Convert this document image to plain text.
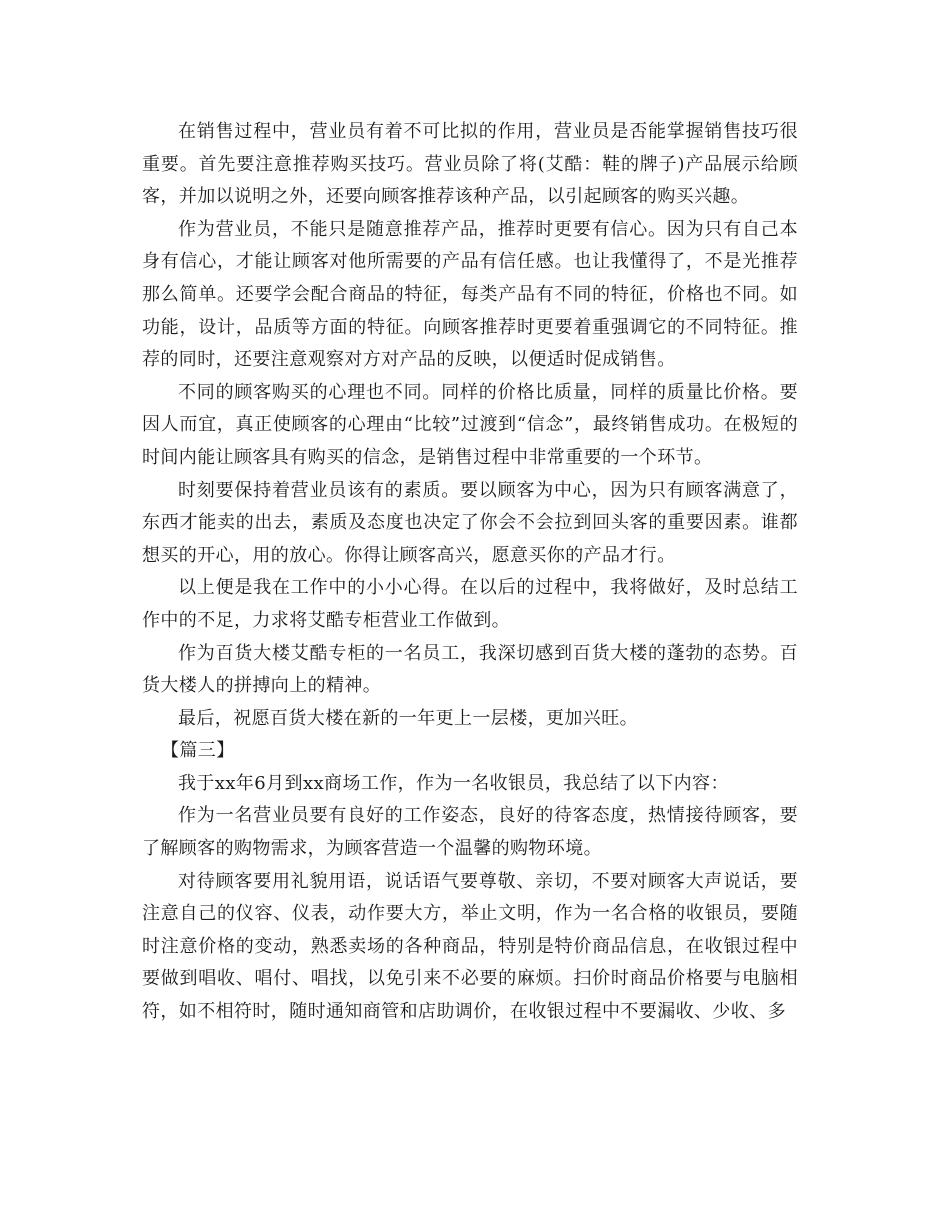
在销售过程中，营业员有着不可比拟的作用，营业员是否能掌握销售技巧很重要。首先要注意推荐购买技巧。营业员除了将(艾酷：鞋的牌子)产品展示给顾客，并加以说明之外，还要向顾客推荐该种产品，以引起顾客的购买兴趣。

作为营业员，不能只是随意推荐产品，推荐时更要有信心。因为只有自己本身有信心，才能让顾客对他所需要的产品有信任感。也让我懂得了，不是光推荐那么简单。还要学会配合商品的特征，每类产品有不同的特征，价格也不同。如功能，设计，品质等方面的特征。向顾客推荐时更要着重强调它的不同特征。推荐的同时，还要注意观察对方对产品的反映，以便适时促成销售。

不同的顾客购买的心理也不同。同样的价格比质量，同样的质量比价格。要因人而宜，真正使顾客的心理由“比较”过渡到“信念”，最终销售成功。在极短的时间内能让顾客具有购买的信念，是销售过程中非常重要的一个环节。

时刻要保持着营业员该有的素质。要以顾客为中心，因为只有顾客满意了，东西才能卖的出去，素质及态度也决定了你会不会拉到回头客的重要因素。谁都想买的开心，用的放心。你得让顾客高兴，愿意买你的产品才行。

以上便是我在工作中的小小心得。在以后的过程中，我将做好，及时总结工作中的不足，力求将艾酷专柜营业工作做到。

作为百货大楼艾酷专柜的一名员工，我深切感到百货大楼的蓬勃的态势。百货大楼人的拼搏向上的精神。

最后，祝愿百货大楼在新的一年更上一层楼，更加兴旺。

【篇三】

我于xx年6月到xx商场工作，作为一名收银员，我总结了以下内容：

作为一名营业员要有良好的工作姿态，良好的待客态度，热情接待顾客，要了解顾客的购物需求，为顾客营造一个温馨的购物环境。

对待顾客要用礼貌用语，说话语气要尊敬、亲切，不要对顾客大声说话，要注意自己的仪容、仪表，动作要大方，举止文明，作为一名合格的收银员，要随时注意价格的变动，熟悉卖场的各种商品，特别是特价商品信息，在收银过程中要做到唱收、唱付、唱找，以免引来不必要的麻烦。扫价时商品价格要与电脑相符，如不相符时，随时通知商管和店助调价，在收银过程中不要漏收、少收、多
